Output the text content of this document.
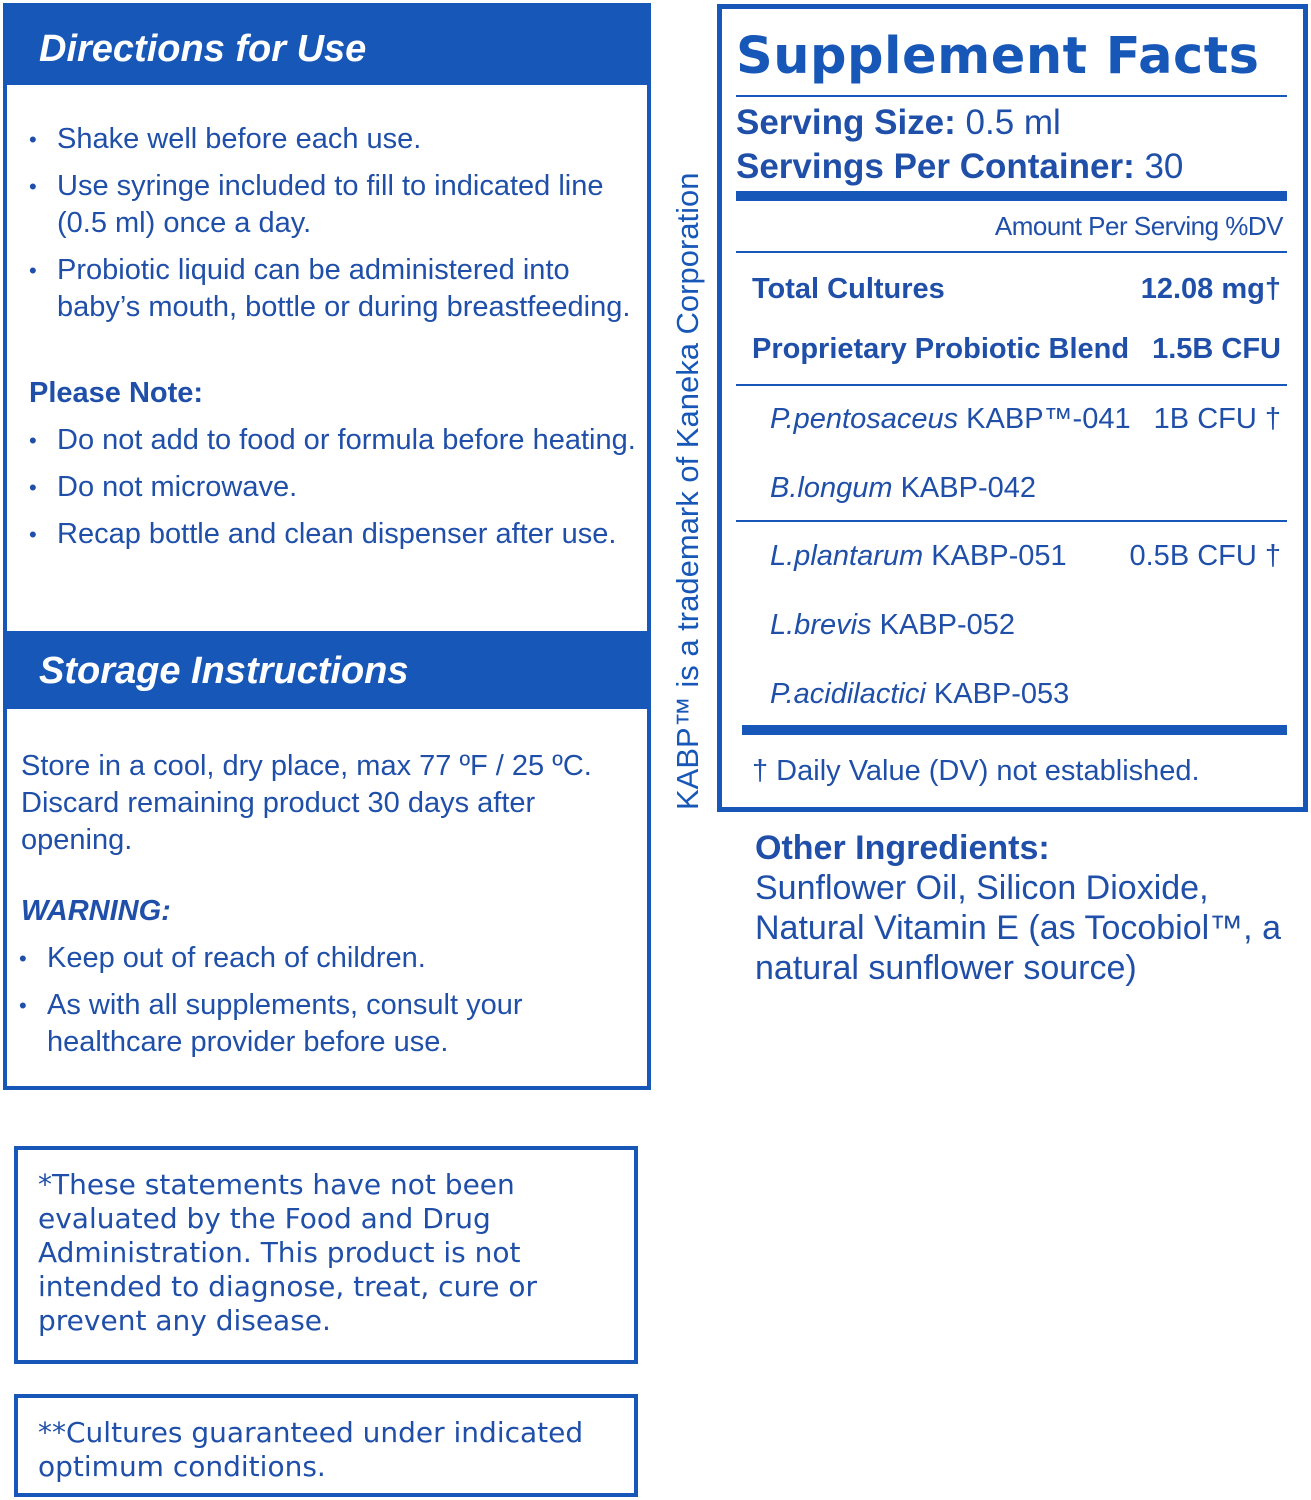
Directions for Use
• Shake well before each use.
• Use syringe included to fill to indicated line (0.5 ml) once a day.
• Probiotic liquid can be administered into baby’s mouth, bottle or during breastfeeding.
Please Note:
• Do not add to food or formula before heating.
• Do not microwave.
• Recap bottle and clean dispenser after use.
Storage Instructions
Store in a cool, dry place, max 77 ºF / 25 ºC. Discard remaining product 30 days after opening.
WARNING:
• Keep out of reach of children.
• As with all supplements, consult your healthcare provider before use.
*These statements have not been evaluated by the Food and Drug Administration. This product is not intended to diagnose, treat, cure or prevent any disease.
**Cultures guaranteed under indicated optimum conditions.
KABP™ is a trademark of Kaneka Corporation
Supplement Facts
Serving Size: 0.5 ml
Servings Per Container: 30
Amount Per Serving %DV
Total Cultures	12.08 mg†
Proprietary Probiotic Blend 1.5B CFU
P.pentosaceus KABP™-041 1B CFU †
B.longum KABP-042
L.plantarum KABP-051 0.5B CFU †
L.brevis KABP-052
P.acidilactici KABP-053
† Daily Value (DV) not established.
Other Ingredients:
Sunflower Oil, Silicon Dioxide, Natural Vitamin E (as Tocobiol™, a natural sunflower source)
